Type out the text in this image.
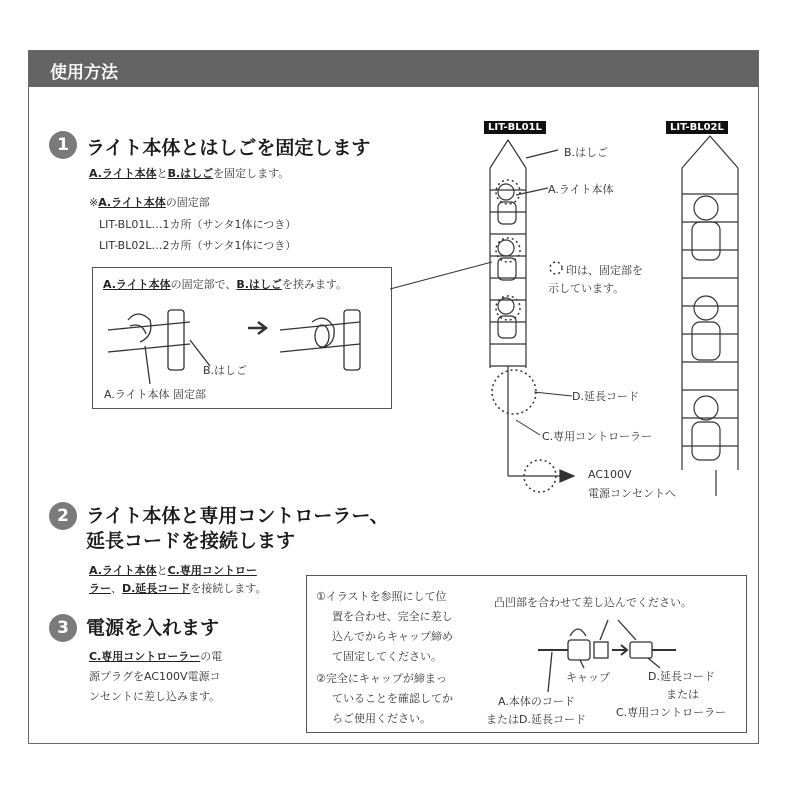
使用方法
1 ライト本体とはしごを固定します
A.ライト本体とB.はしごを固定します。
※A.ライト本体の固定部
LIT-BL01L…1カ所（サンタ1体につき）
LIT-BL02L…2カ所（サンタ1体につき）
A.ライト本体の固定部で、B.はしごを挟みます。
B.はしご
A.ライト本体 固定部
2 ライト本体と専用コントローラー、
延長コードを接続します
A.ライト本体とC.専用コントロー
ラー、D.延長コードを接続します。
3 電源を入れます
C.専用コントローラーの電
源プラグをAC100V電源コ
ンセントに差し込みます。
①イラストを参照にして位
置を合わせ、完全に差し
込んでからキャップ締め
て固定してください。
②完全にキャップが締まっ
ていることを確認してか
らご使用ください。
凸凹部を合わせて差し込んでください。
キャップ
A.本体のコード
またはD.延長コード
D.延長コード
または
C.専用コントローラー
LIT-BL01L	LIT-BL02L
B.はしご
A.ライト本体
印は、固定部を
示しています。
D.延長コード
C.専用コントローラー
AC100V
電源コンセントへ
